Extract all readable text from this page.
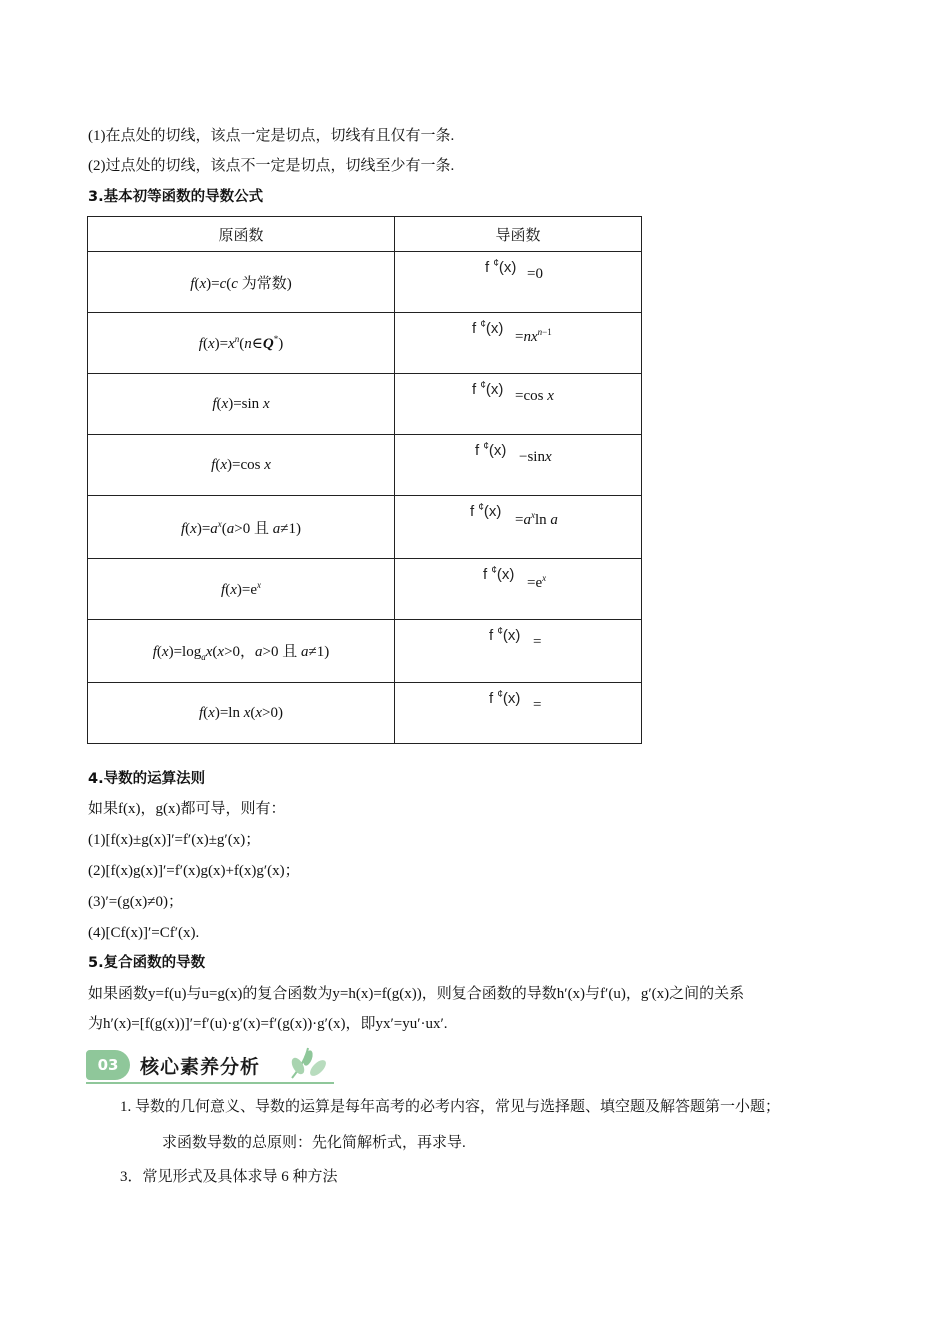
(1)在点处的切线，该点一定是切点，切线有且仅有一条.
(2)过点处的切线，该点不一定是切点，切线至少有一条.
3.基本初等函数的导数公式
原函数	导函数
f(x)=c(c 为常数)	f ¢(x) =0

$f(x)=x^n(n\in Q^*)$	f $^¢(x) =nx^{n-1}$

f(x)=sin x	f ¢(x) =cos x

f(x)=cos x	f ¢(x) −sinx

$f(x)=a^x(a>0$ 且 a≠1)	f $^¢(x) =a^x\ln$ a

$f(x)=e^x$	f $^¢(x) =e^x$

$f(x)=\log_ax(x>0$，a>0 且 a≠1)	f ¢(x) =

f(x)=ln x(x>0)	f ¢(x) =
4.导数的运算法则
如果f(x)，g(x)都可导，则有：
(1)[f(x)±g(x)]′=f′(x)±g′(x)；
(2)[f(x)g(x)]′=f′(x)g(x)+f(x)g′(x)；
(3)′=(g(x)≠0)；
(4)[Cf(x)]′=Cf′(x).
5.复合函数的导数
如果函数y=f(u)与u=g(x)的复合函数为y=h(x)=f(g(x))，则复合函数的导数h′(x)与f′(u)，g′(x)之间的关系
为h′(x)=[f(g(x))]′=f′(u)·g′(x)=f′(g(x))·g′(x)，即yx′=yu′·ux′.
03	核心素养分析
1. 导数的几何意义、导数的运算是每年高考的必考内容，常见与选择题、填空题及解答题第一小题；
求函数导数的总原则：先化简解析式，再求导.
3．常见形式及具体求导 6 种方法
